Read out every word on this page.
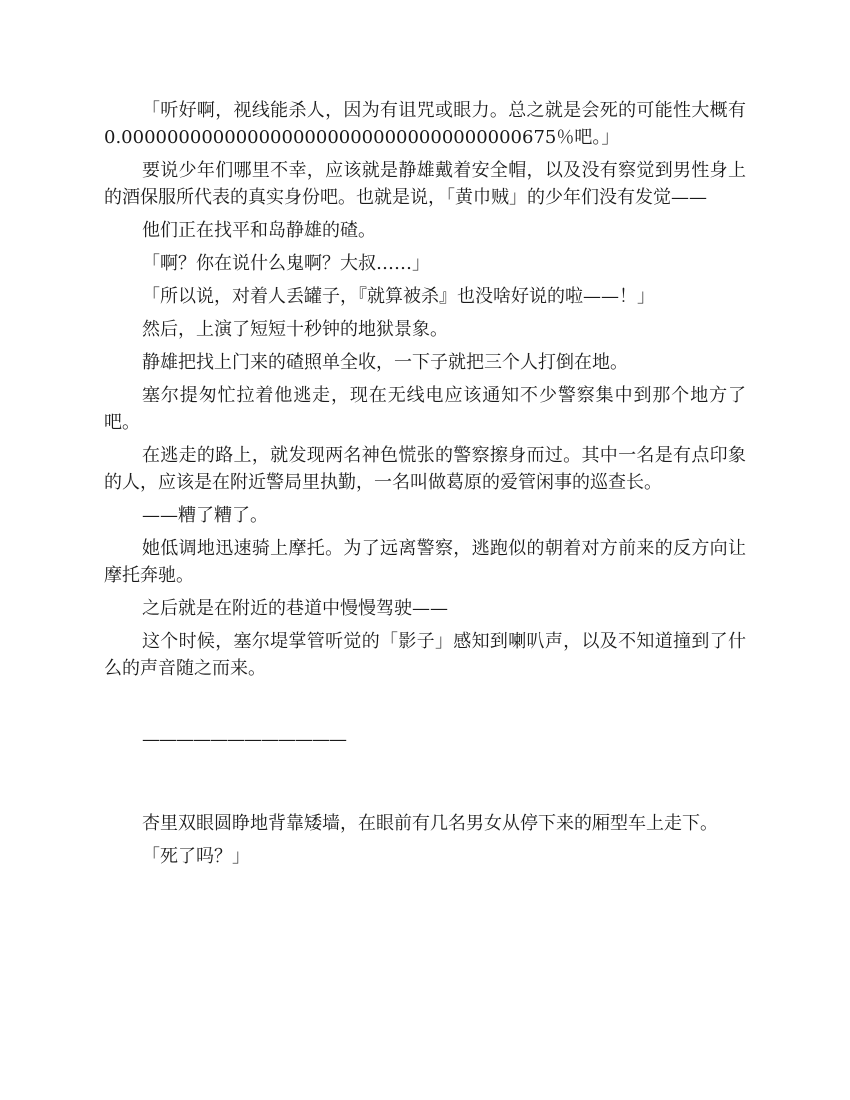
「听好啊，视线能杀人，因为有诅咒或眼力。总之就是会死的可能性大概有0.00000000000000000000000000000000000675％吧。」

要说少年们哪里不幸，应该就是静雄戴着安全帽，以及没有察觉到男性身上的酒保服所代表的真实身份吧。也就是说，「黄巾贼」的少年们没有发觉——

他们正在找平和岛静雄的碴。

「啊？你在说什么鬼啊？大叔……」

「所以说，对着人丢罐子，『就算被杀』也没啥好说的啦——！」

然后，上演了短短十秒钟的地狱景象。

静雄把找上门来的碴照单全收，一下子就把三个人打倒在地。

塞尔提匆忙拉着他逃走，现在无线电应该通知不少警察集中到那个地方了吧。

在逃走的路上，就发现两名神色慌张的警察擦身而过。其中一名是有点印象的人，应该是在附近警局里执勤，一名叫做葛原的爱管闲事的巡查长。

——糟了糟了。

她低调地迅速骑上摩托。为了远离警察，逃跑似的朝着对方前来的反方向让摩托奔驰。

之后就是在附近的巷道中慢慢驾驶——

这个时候，塞尔堤掌管听觉的「影子」感知到喇叭声，以及不知道撞到了什么的声音随之而来。

————————————

杏里双眼圆睁地背靠矮墙，在眼前有几名男女从停下来的厢型车上走下。

「死了吗？」
